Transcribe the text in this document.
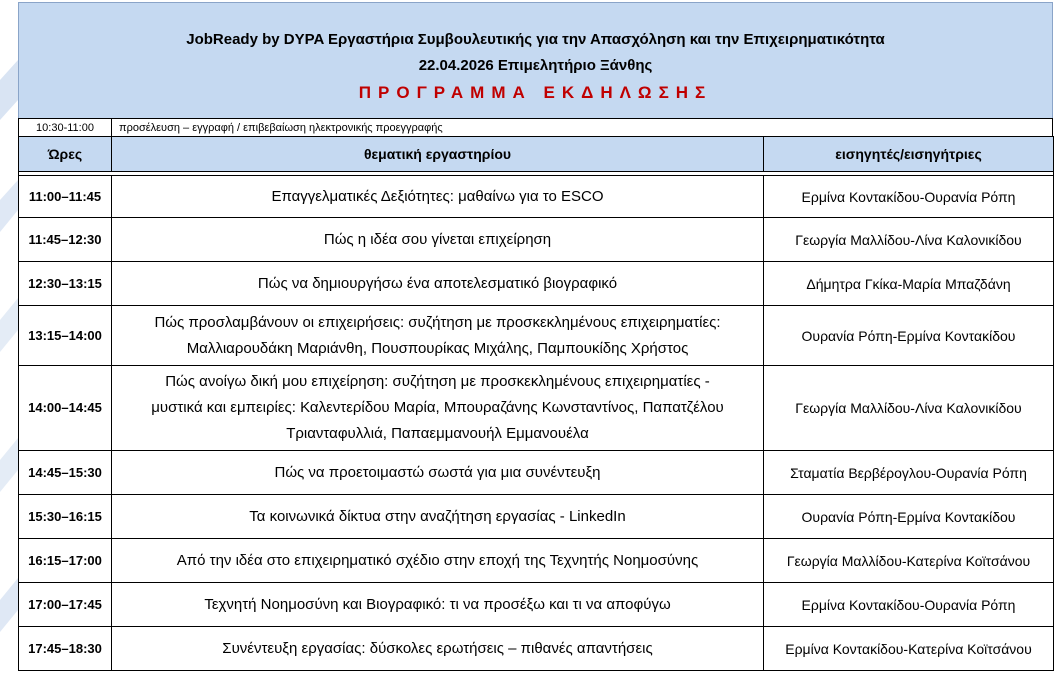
JobReady by DYPA Εργαστήρια Συμβουλευτικής για την Απασχόληση και την Επιχειρηματικότητα
22.04.2026 Επιμελητήριο Ξάνθης
ΠΡΟΓΡΑΜΜΑ ΕΚΔΗΛΩΣΗΣ
10:30-11:00	προσέλευση – εγγραφή / επιβεβαίωση ηλεκτρονικής προεγγραφής
Ώρες	θεματική εργαστηρίου	εισηγητές/εισηγήτριες

11:00–11:45	Επαγγελματικές Δεξιότητες: μαθαίνω για το ESCO	Ερμίνα Κοντακίδου-Ουρανία Ρόπη
11:45–12:30	Πώς η ιδέα σου γίνεται επιχείρηση	Γεωργία Μαλλίδου-Λίνα Καλονικίδου
12:30–13:15	Πώς να δημιουργήσω ένα αποτελεσματικό βιογραφικό	Δήμητρα Γκίκα-Μαρία Μπαζδάνη
13:15–14:00	Πώς προσλαμβάνουν οι επιχειρήσεις: συζήτηση με προσκεκλημένους επιχειρηματίες:
Μαλλιαρουδάκη Μαριάνθη, Πουσπουρίκας Μιχάλης, Παμπουκίδης Χρήστος	Ουρανία Ρόπη-Ερμίνα Κοντακίδου
14:00–14:45	Πώς ανοίγω δική μου επιχείρηση: συζήτηση με προσκεκλημένους επιχειρηματίες -
μυστικά και εμπειρίες: Καλεντερίδου Μαρία, Μπουραζάνης Κωνσταντίνος, Παπατζέλου
Τριανταφυλλιά, Παπαεμμανουήλ Εμμανουέλα	Γεωργία Μαλλίδου-Λίνα Καλονικίδου
14:45–15:30	Πώς να προετοιμαστώ σωστά για μια συνέντευξη	Σταματία Βερβέρογλου-Ουρανία Ρόπη
15:30–16:15	Τα κοινωνικά δίκτυα στην αναζήτηση εργασίας - LinkedIn	Ουρανία Ρόπη-Ερμίνα Κοντακίδου
16:15–17:00	Από την ιδέα στο επιχειρηματικό σχέδιο στην εποχή της Τεχνητής Νοημοσύνης	Γεωργία Μαλλίδου-Κατερίνα Κοϊτσάνου
17:00–17:45	Τεχνητή Νοημοσύνη και Βιογραφικό: τι να προσέξω και τι να αποφύγω	Ερμίνα Κοντακίδου-Ουρανία Ρόπη
17:45–18:30	Συνέντευξη εργασίας: δύσκολες ερωτήσεις – πιθανές απαντήσεις	Ερμίνα Κοντακίδου-Κατερίνα Κοϊτσάνου
